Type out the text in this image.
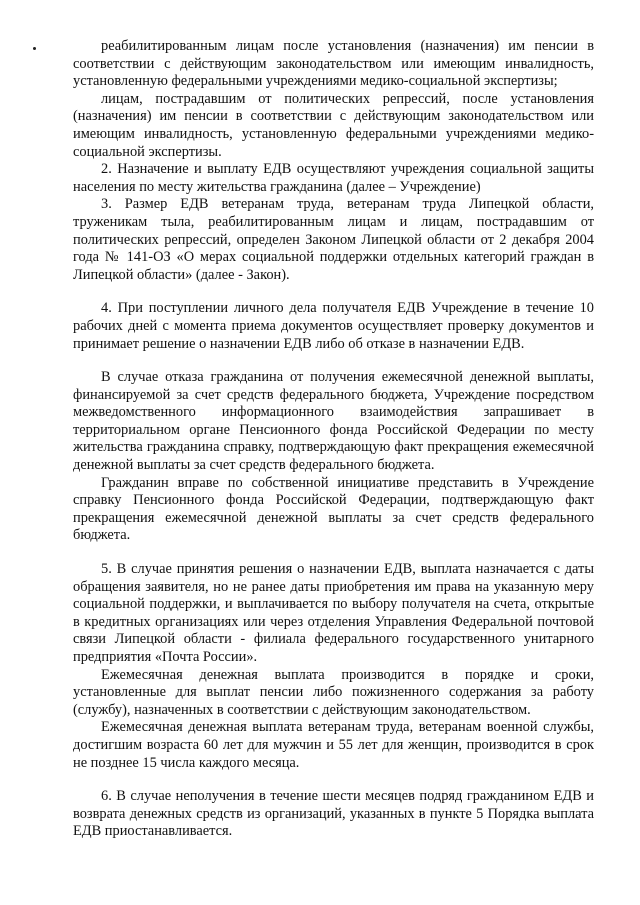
реабилитированным лицам после установления (назначения) им пенсии в соответствии с действующим законодательством или имеющим инвалидность, установленную федеральными учреждениями медико-социальной экспертизы;

лицам, пострадавшим от политических репрессий, после установления (назначения) им пенсии в соответствии с действующим законодательством или имеющим инвалидность, установленную федеральными учреждениями медико-социальной экспертизы.

2. Назначение и выплату ЕДВ осуществляют учреждения социальной защиты населения по месту жительства гражданина (далее – Учреждение)

3. Размер ЕДВ ветеранам труда, ветеранам труда Липецкой области, труженикам тыла, реабилитированным лицам и лицам, пострадавшим от политических репрессий, определен Законом Липецкой области от 2 декабря 2004 года № 141-ОЗ «О мерах социальной поддержки отдельных категорий граждан в Липецкой области» (далее - Закон).

4. При поступлении личного дела получателя ЕДВ Учреждение в течение 10 рабочих дней с момента приема документов осуществляет проверку документов и принимает решение о назначении ЕДВ либо об отказе в назначении ЕДВ.

В случае отказа гражданина от получения ежемесячной денежной выплаты, финансируемой за счет средств федерального бюджета, Учреждение посредством межведомственного информационного взаимодействия запрашивает в территориальном органе Пенсионного фонда Российской Федерации по месту жительства гражданина справку, подтверждающую факт прекращения ежемесячной денежной выплаты за счет средств федерального бюджета.

Гражданин вправе по собственной инициативе представить в Учреждение справку Пенсионного фонда Российской Федерации, подтверждающую факт прекращения ежемесячной денежной выплаты за счет средств федерального бюджета.

5. В случае принятия решения о назначении ЕДВ, выплата назначается с даты обращения заявителя, но не ранее даты приобретения им права на указанную меру социальной поддержки, и выплачивается по выбору получателя на счета, открытые в кредитных организациях или через отделения Управления Федеральной почтовой связи Липецкой области - филиала федерального государственного унитарного предприятия «Почта России».

Ежемесячная денежная выплата производится в порядке и сроки, установленные для выплат пенсии либо пожизненного содержания за работу (службу), назначенных в соответствии с действующим законодательством.

Ежемесячная денежная выплата ветеранам труда, ветеранам военной службы, достигшим возраста 60 лет для мужчин и 55 лет для женщин, производится в срок не позднее 15 числа каждого месяца.

6. В случае неполучения в течение шести месяцев подряд гражданином ЕДВ и возврата денежных средств из организаций, указанных в пункте 5 Порядка выплата ЕДВ приостанавливается.
